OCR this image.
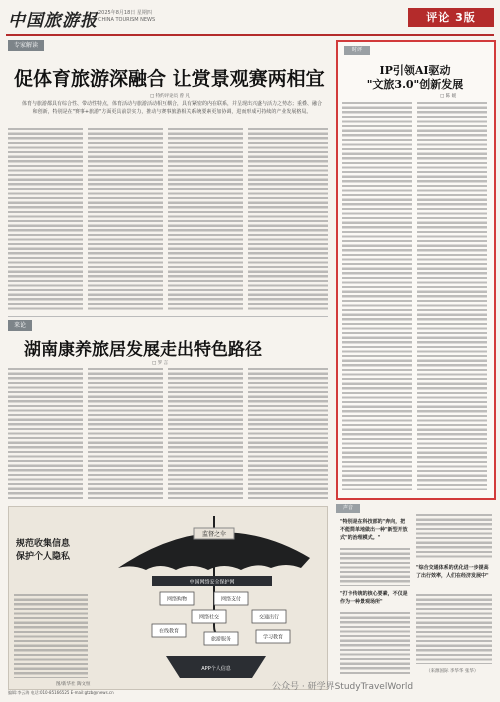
中国旅游报 2025年8月18日 星期四
CHINA TOURISM NEWS	评论 3版
专家解读
促体育旅游深融合 让赏景观赛两相宜
□ 特约评论员 曾 凡
体育与旅游都具有综合性、带动性特点，体育活动与旅游活动相互耦合，具有紧密的内在联系，并呈现出兴盛与活力之势态；重叠、融合和创新，特别是在"赛事+旅游"方面更具前景实力，推动与赛事旅游相关系统要素更加协调，进而形成可持续的产业发展格局。
来论
湖南康养旅居发展走出特色路径
□ 罗 言
时评
IP引领AI驱动
"文旅3.0"创新发展
□ 陈 媛
声音
"特别是在科技部的"奔向，把不能简单地做出一种"新型开放式"的治理模式。"
"打卡传统的核心要素，不仅是作为一种景观场所"
"综合交通体系的优化进一步提高了出行效率，人们在经济发展中"
（来源国际 李华华 张华）
规范收集信息
保护个人隐私
图/新华社 陶文恒
监督之伞
中国网络安全保护网
网络购物	网络支付
网络社交
在线教育
交通出行
旅游服务	学习教育
APP个人信息
编辑:李云海 电话:010-85166525 E-mail:gtzb@news.cn
公众号 · 研学界StudyTravelWorld
